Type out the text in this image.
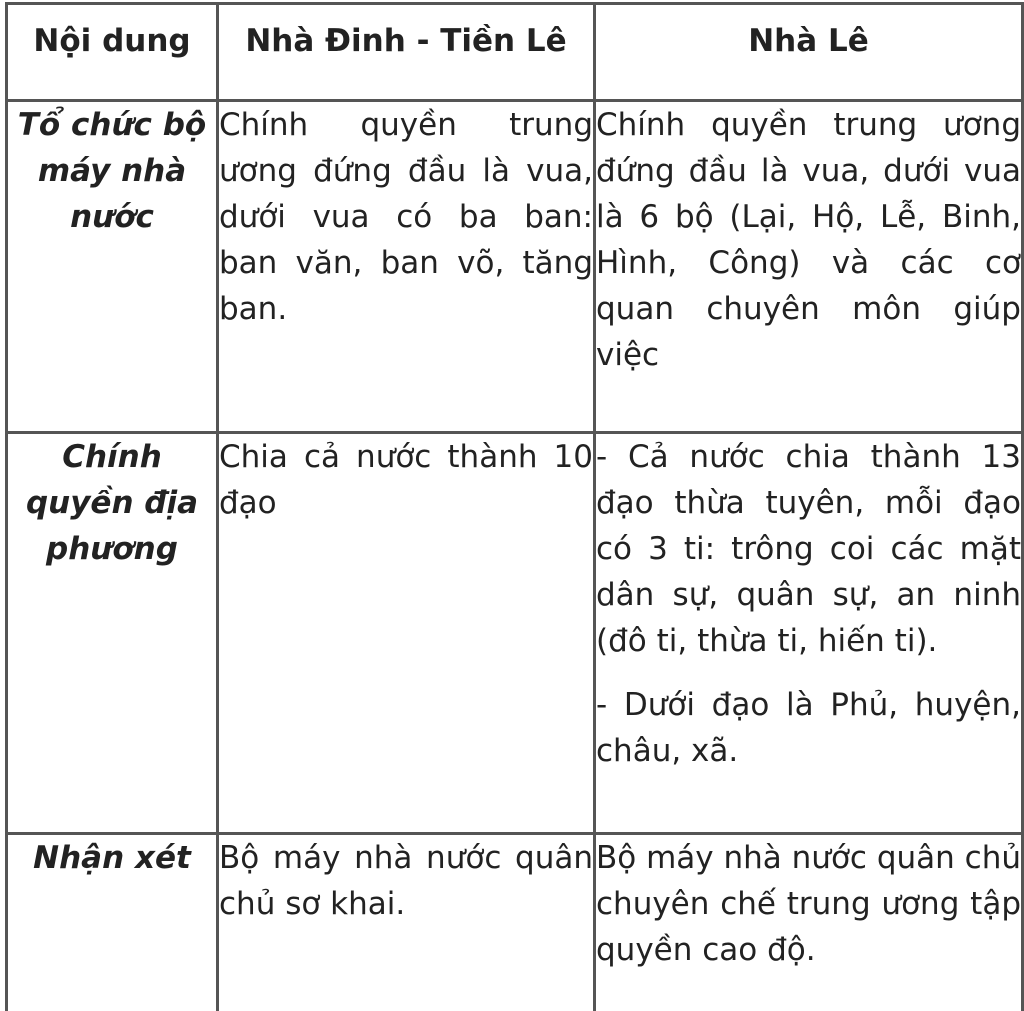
Nội dung	Nhà Đinh - Tiền Lê	Nhà Lê
Tổ chức bộ máy nhà nước	Chính quyền trung ương đứng đầu là vua, dưới vua có ba ban: ban văn, ban võ, tăng ban.	Chính quyền trung ương đứng đầu là vua, dưới vua là 6 bộ (Lại, Hộ, Lễ, Binh, Hình, Công) và các cơ quan chuyên môn giúp việc

Chính quyền địa phương	Chia cả nước thành 10 đạo	- Cả nước chia thành 13 đạo thừa tuyên, mỗi đạo có 3 ti: trông coi các mặt dân sự, quân sự, an ninh (đô ti, thừa ti, hiến ti).

- Dưới đạo là Phủ, huyện, châu, xã.

Nhận xét	Bộ máy nhà nước quân chủ sơ khai.	Bộ máy nhà nước quân chủ chuyên chế trung ương tập quyền cao độ.
